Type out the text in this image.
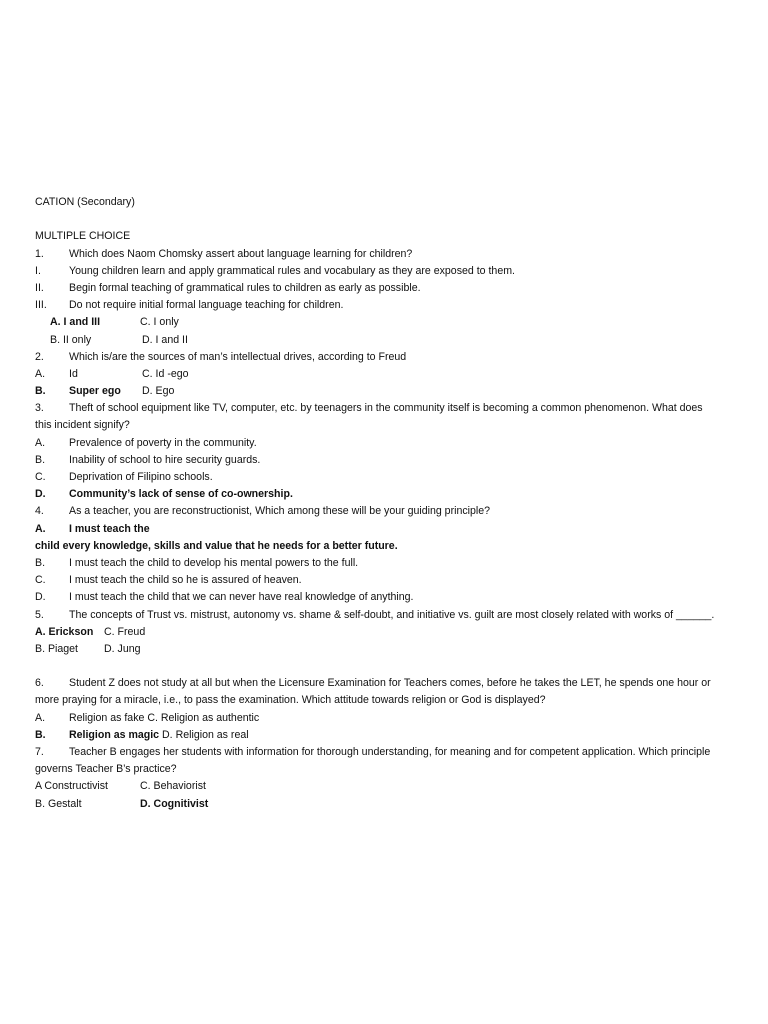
CATION (Secondary)
MULTIPLE CHOICE
1. Which does Naom Chomsky assert about language learning for children?
I.	Young children learn and apply grammatical rules and vocabulary as they are exposed to them.
II. Begin formal teaching of grammatical rules to children as early as possible.
III. Do not require initial formal language teaching for children.
A. I and III	C. I only
B. II only	D. I and II
2. Which is/are the sources of man’s intellectual drives, according to Freud
A. Id	C. Id -ego
B. Super ego D. Ego
3. Theft of school equipment like TV, computer, etc. by teenagers in the community itself is becoming a common phenomenon. What does
this incident signify?
A. Prevalence of poverty in the community.
B. Inability of school to hire security guards.
C. Deprivation of Filipino schools.
D. Community’s lack of sense of co-ownership.
4. As a teacher, you are reconstructionist, Which among these will be your guiding principle?
A. I must teach the
child every knowledge, skills and value that he needs for a better future.
B. I must teach the child to develop his mental powers to the full.
C. I must teach the child so he is assured of heaven.
D. I must teach the child that we can never have real knowledge of anything.
5. The concepts of Trust vs. mistrust, autonomy vs. shame & self-doubt, and initiative vs. guilt are most closely related with works of ______.
A. Erickson C. Freud
B. Piaget D. Jung
6. Student Z does not study at all but when the Licensure Examination for Teachers comes, before he takes the LET, he spends one hour or
more praying for a miracle, i.e., to pass the examination. Which attitude towards religion or God is displayed?
A. Religion as fake C. Religion as authentic
B. Religion as magic D. Religion as real
7. Teacher B engages her students with information for thorough understanding, for meaning and for competent application. Which principle
governs Teacher B’s practice?
A Constructivist	C. Behaviorist
B. Gestalt	D. Cognitivist
